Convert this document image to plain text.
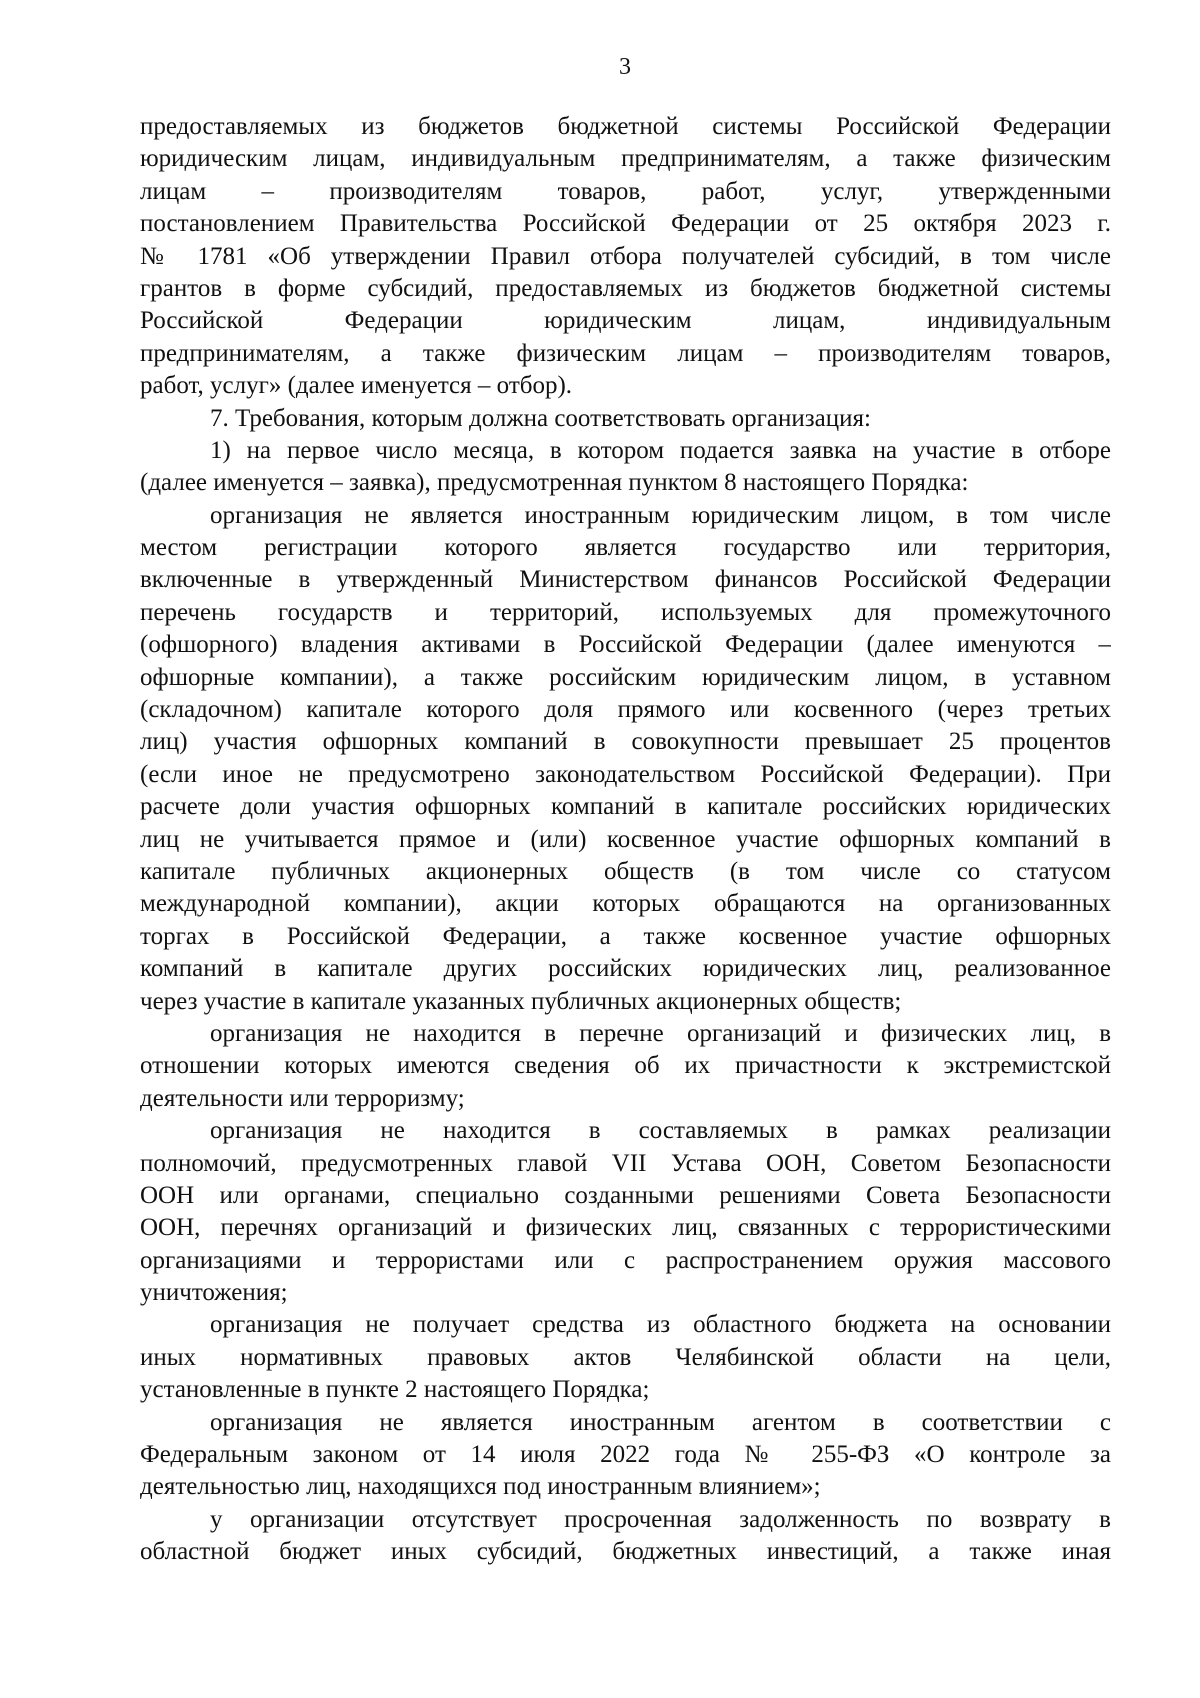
3
предоставляемых из бюджетов бюджетной системы Российской Федерации
юридическим лицам, индивидуальным предпринимателям, а также физическим
лицам – производителям товаров, работ, услуг, утвержденными
постановлением Правительства Российской Федерации от 25 октября 2023 г.
№ 1781 «Об утверждении Правил отбора получателей субсидий, в том числе
грантов в форме субсидий, предоставляемых из бюджетов бюджетной системы
Российской Федерации юридическим лицам, индивидуальным
предпринимателям, а также физическим лицам – производителям товаров,
работ, услуг» (далее именуется – отбор).
7. Требования, которым должна соответствовать организация:
1) на первое число месяца, в котором подается заявка на участие в отборе
(далее именуется – заявка), предусмотренная пунктом 8 настоящего Порядка:
организация не является иностранным юридическим лицом, в том числе
местом регистрации которого является государство или территория,
включенные в утвержденный Министерством финансов Российской Федерации
перечень государств и территорий, используемых для промежуточного
(офшорного) владения активами в Российской Федерации (далее именуются –
офшорные компании), а также российским юридическим лицом, в уставном
(складочном) капитале которого доля прямого или косвенного (через третьих
лиц) участия офшорных компаний в совокупности превышает 25 процентов
(если иное не предусмотрено законодательством Российской Федерации). При
расчете доли участия офшорных компаний в капитале российских юридических
лиц не учитывается прямое и (или) косвенное участие офшорных компаний в
капитале публичных акционерных обществ (в том числе со статусом
международной компании), акции которых обращаются на организованных
торгах в Российской Федерации, а также косвенное участие офшорных
компаний в капитале других российских юридических лиц, реализованное
через участие в капитале указанных публичных акционерных обществ;
организация не находится в перечне организаций и физических лиц, в
отношении которых имеются сведения об их причастности к экстремистской
деятельности или терроризму;
организация не находится в составляемых в рамках реализации
полномочий, предусмотренных главой VII Устава ООН, Советом Безопасности
ООН или органами, специально созданными решениями Совета Безопасности
ООН, перечнях организаций и физических лиц, связанных с террористическими
организациями и террористами или с распространением оружия массового
уничтожения;
организация не получает средства из областного бюджета на основании
иных нормативных правовых актов Челябинской области на цели,
установленные в пункте 2 настоящего Порядка;
организация не является иностранным агентом в соответствии с
Федеральным законом от 14 июля 2022 года № 255-ФЗ «О контроле за
деятельностью лиц, находящихся под иностранным влиянием»;
у организации отсутствует просроченная задолженность по возврату в
областной бюджет иных субсидий, бюджетных инвестиций, а также иная
